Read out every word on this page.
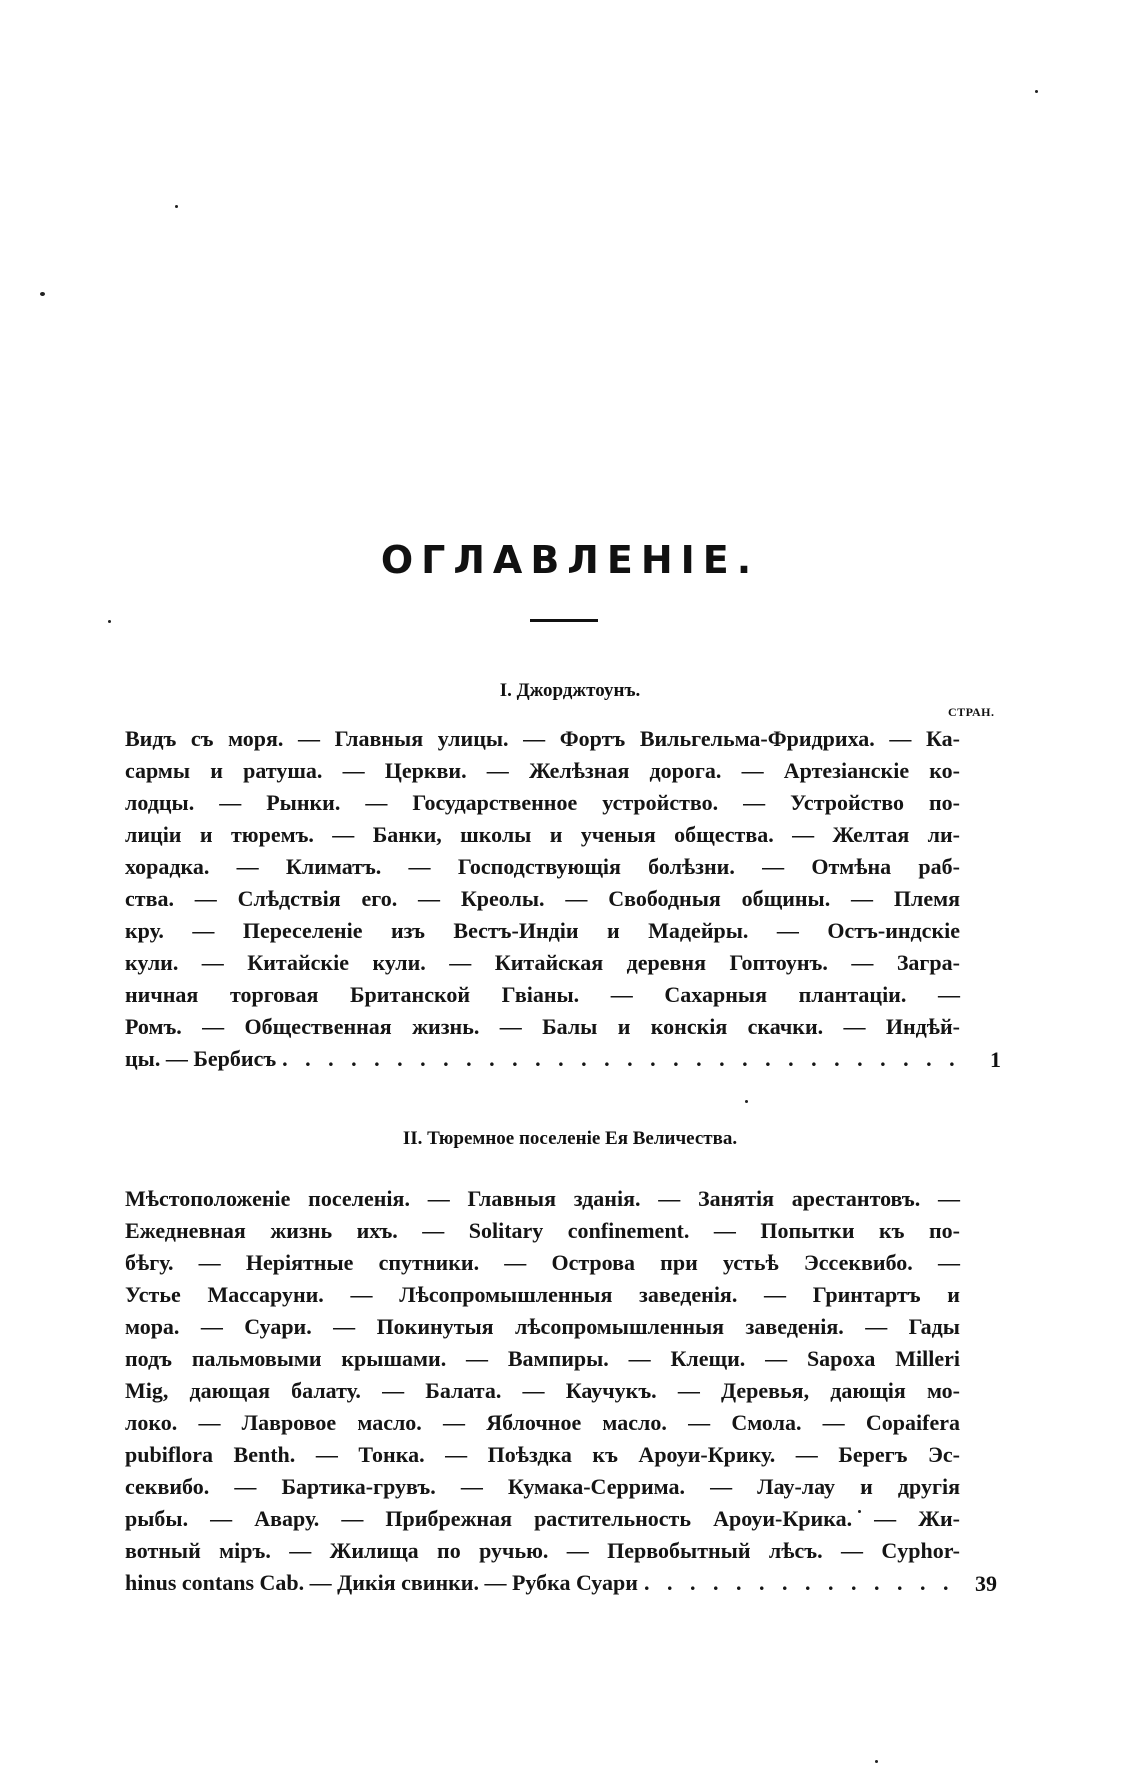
ОГЛАВЛЕНІЕ.
I. Джорджтоунъ.
СТРАН.
Видъ съ моря. — Главныя улицы. — Фортъ Вильгельма-Фридриха. — Ка-
сармы и ратуша. — Церкви. — Желѣзная дорога. — Артезіанскіе ко-
лодцы. — Рынки. — Государственное устройство. — Устройство по-
лиціи и тюремъ. — Банки, школы и ученыя общества. — Желтая ли-
хорадка. — Климатъ. — Господствующія болѣзни. — Отмѣна раб-
ства. — Слѣдствія его. — Креолы. — Свободныя общины. — Племя
кру. — Переселеніе изъ Вестъ-Индіи и Мадейры. — Остъ-индскіе
кули. — Китайскіе кули. — Китайская деревня Гоптоунъ. — Загра-
ничная торговая Британской Гвіаны. — Сахарныя плантаціи. —
Ромъ. — Общественная жизнь. — Балы и конскія скачки. — Индѣй-
цы. — Бербисъ . . .	1
II. Тюремное поселеніе Ея Величества.
Мѣстоположеніе поселенія. — Главныя зданія. — Занятія арестантовъ. —
Ежедневная жизнь ихъ. — Solitary confinement. — Попытки къ по-
бѣгу. — Неріятные спутники. — Острова при устьѣ Эссеквибо. —
Устье Массаруни. — Лѣсопромышленныя заведенія. — Гринтартъ и
мора. — Суари. — Покинутыя лѣсопромышленныя заведенія. — Гады
подъ пальмовыми крышами. — Вампиры. — Клещи. — Sapoxa Milleri
Mig, дающая балату. — Балата. — Каучукъ. — Деревья, дающія мо-
локо. — Лавровое масло. — Яблочное масло. — Смола. — Copaifera
pubiflora Benth. — Тонка. — Поѣздка къ Ароуи-Крику. — Берегъ Эс-
секвибо. — Бартика-грувъ. — Кумака-Серрима. — Лау-лау и другія
рыбы. — Авару. — Прибрежная растительность Ароуи-Крика. — Жи-
вотный міръ. — Жилища по ручью. — Первобытный лѣсъ. — Cyphor-
hinus contans Cab. — Дикія свинки. — Рубка Суари . . .	39
